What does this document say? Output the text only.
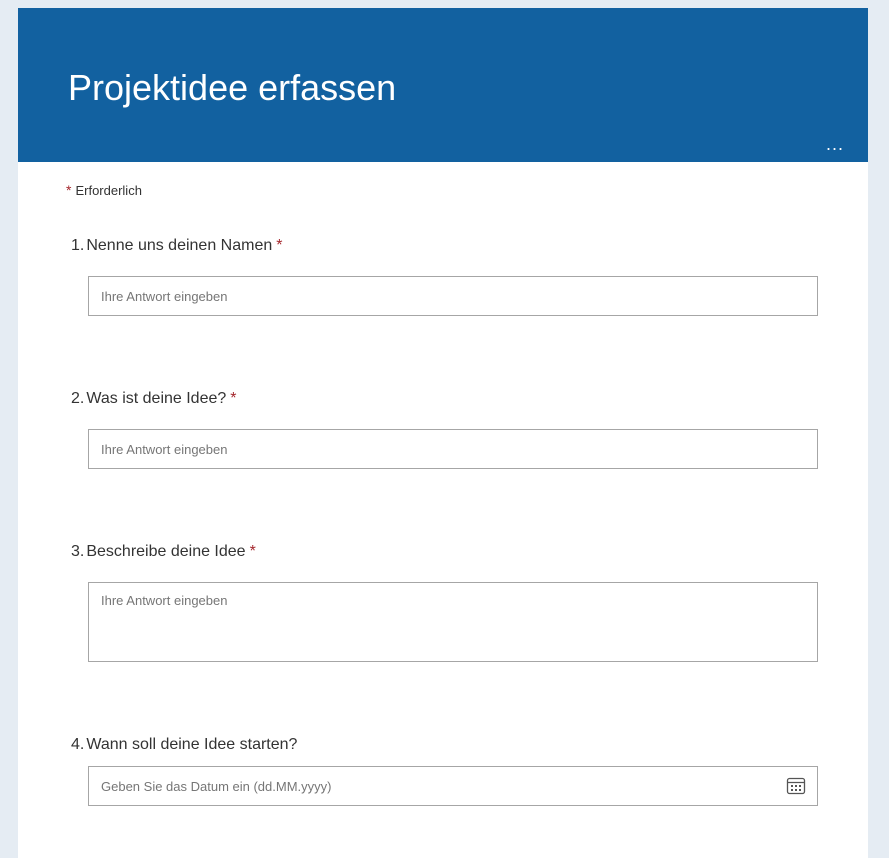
Projektidee erfassen
...
* Erforderlich
1. Nenne uns deinen Namen *
Ihre Antwort eingeben
2. Was ist deine Idee? *
Ihre Antwort eingeben
3. Beschreibe deine Idee *
Ihre Antwort eingeben
4. Wann soll deine Idee starten?
Geben Sie das Datum ein (dd.MM.yyyy)
